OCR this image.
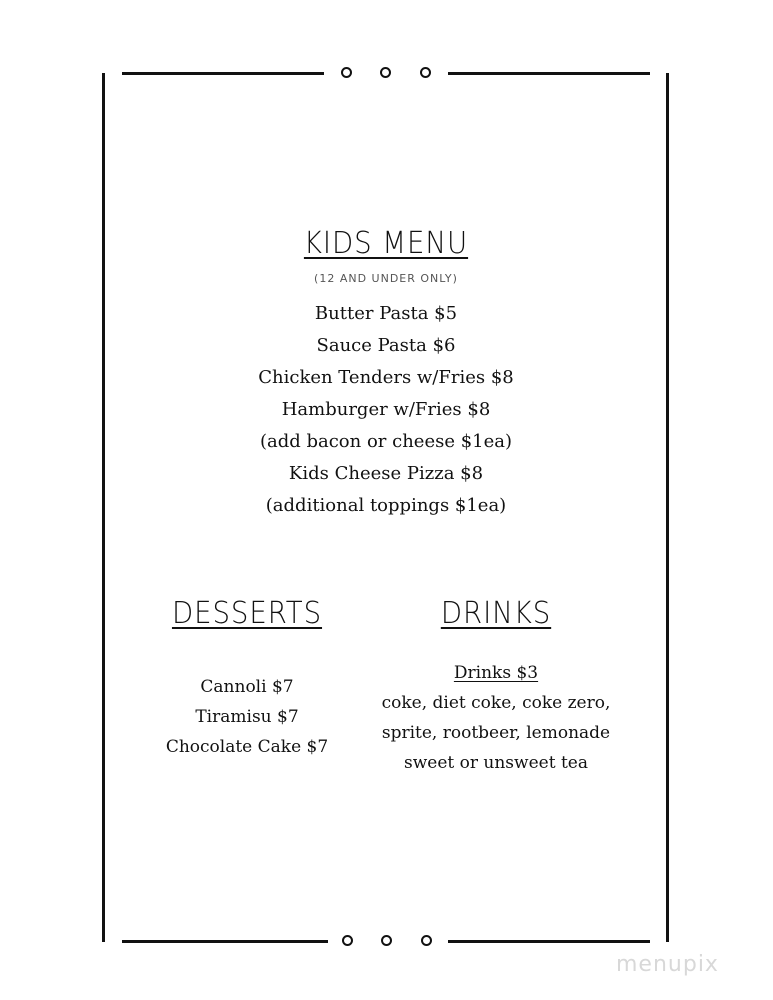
KIDS MENU
(12 AND UNDER ONLY)
Butter Pasta $5
Sauce Pasta $6
Chicken Tenders w/Fries $8
Hamburger w/Fries $8
(add bacon or cheese $1ea)
Kids Cheese Pizza $8
(additional toppings $1ea)
DESSERTS
Cannoli $7
Tiramisu $7
Chocolate Cake $7
DRINKS
Drinks $3
coke, diet coke, coke zero,
sprite, rootbeer, lemonade
sweet or unsweet tea
menupix
